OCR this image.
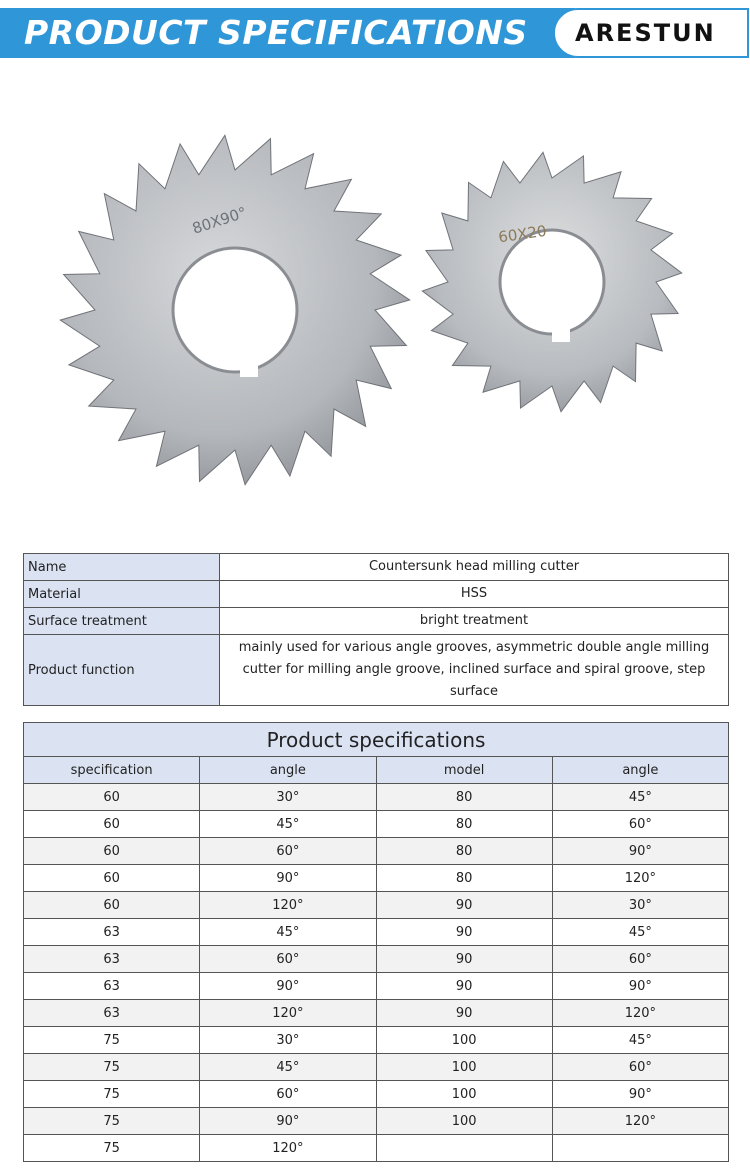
PRODUCT SPECIFICATIONS ARESTUN
80X90°	60X20
Name	Countersunk head milling cutter
Material	HSS
Surface treatment	bright treatment
Product function	mainly used for various angle grooves, asymmetric double angle milling cutter for milling angle groove, inclined surface and spiral groove, step surface
Product specifications			
specification	angle	model	angle
60	30°	80	45°
60	45°	80	60°
60	60°	80	90°
60	90°	80	120°
60	120°	90	30°
63	45°	90	45°
63	60°	90	60°
63	90°	90	90°
63	120°	90	120°
75	30°	100	45°
75	45°	100	60°
75	60°	100	90°
75	90°	100	120°
75	120°		
